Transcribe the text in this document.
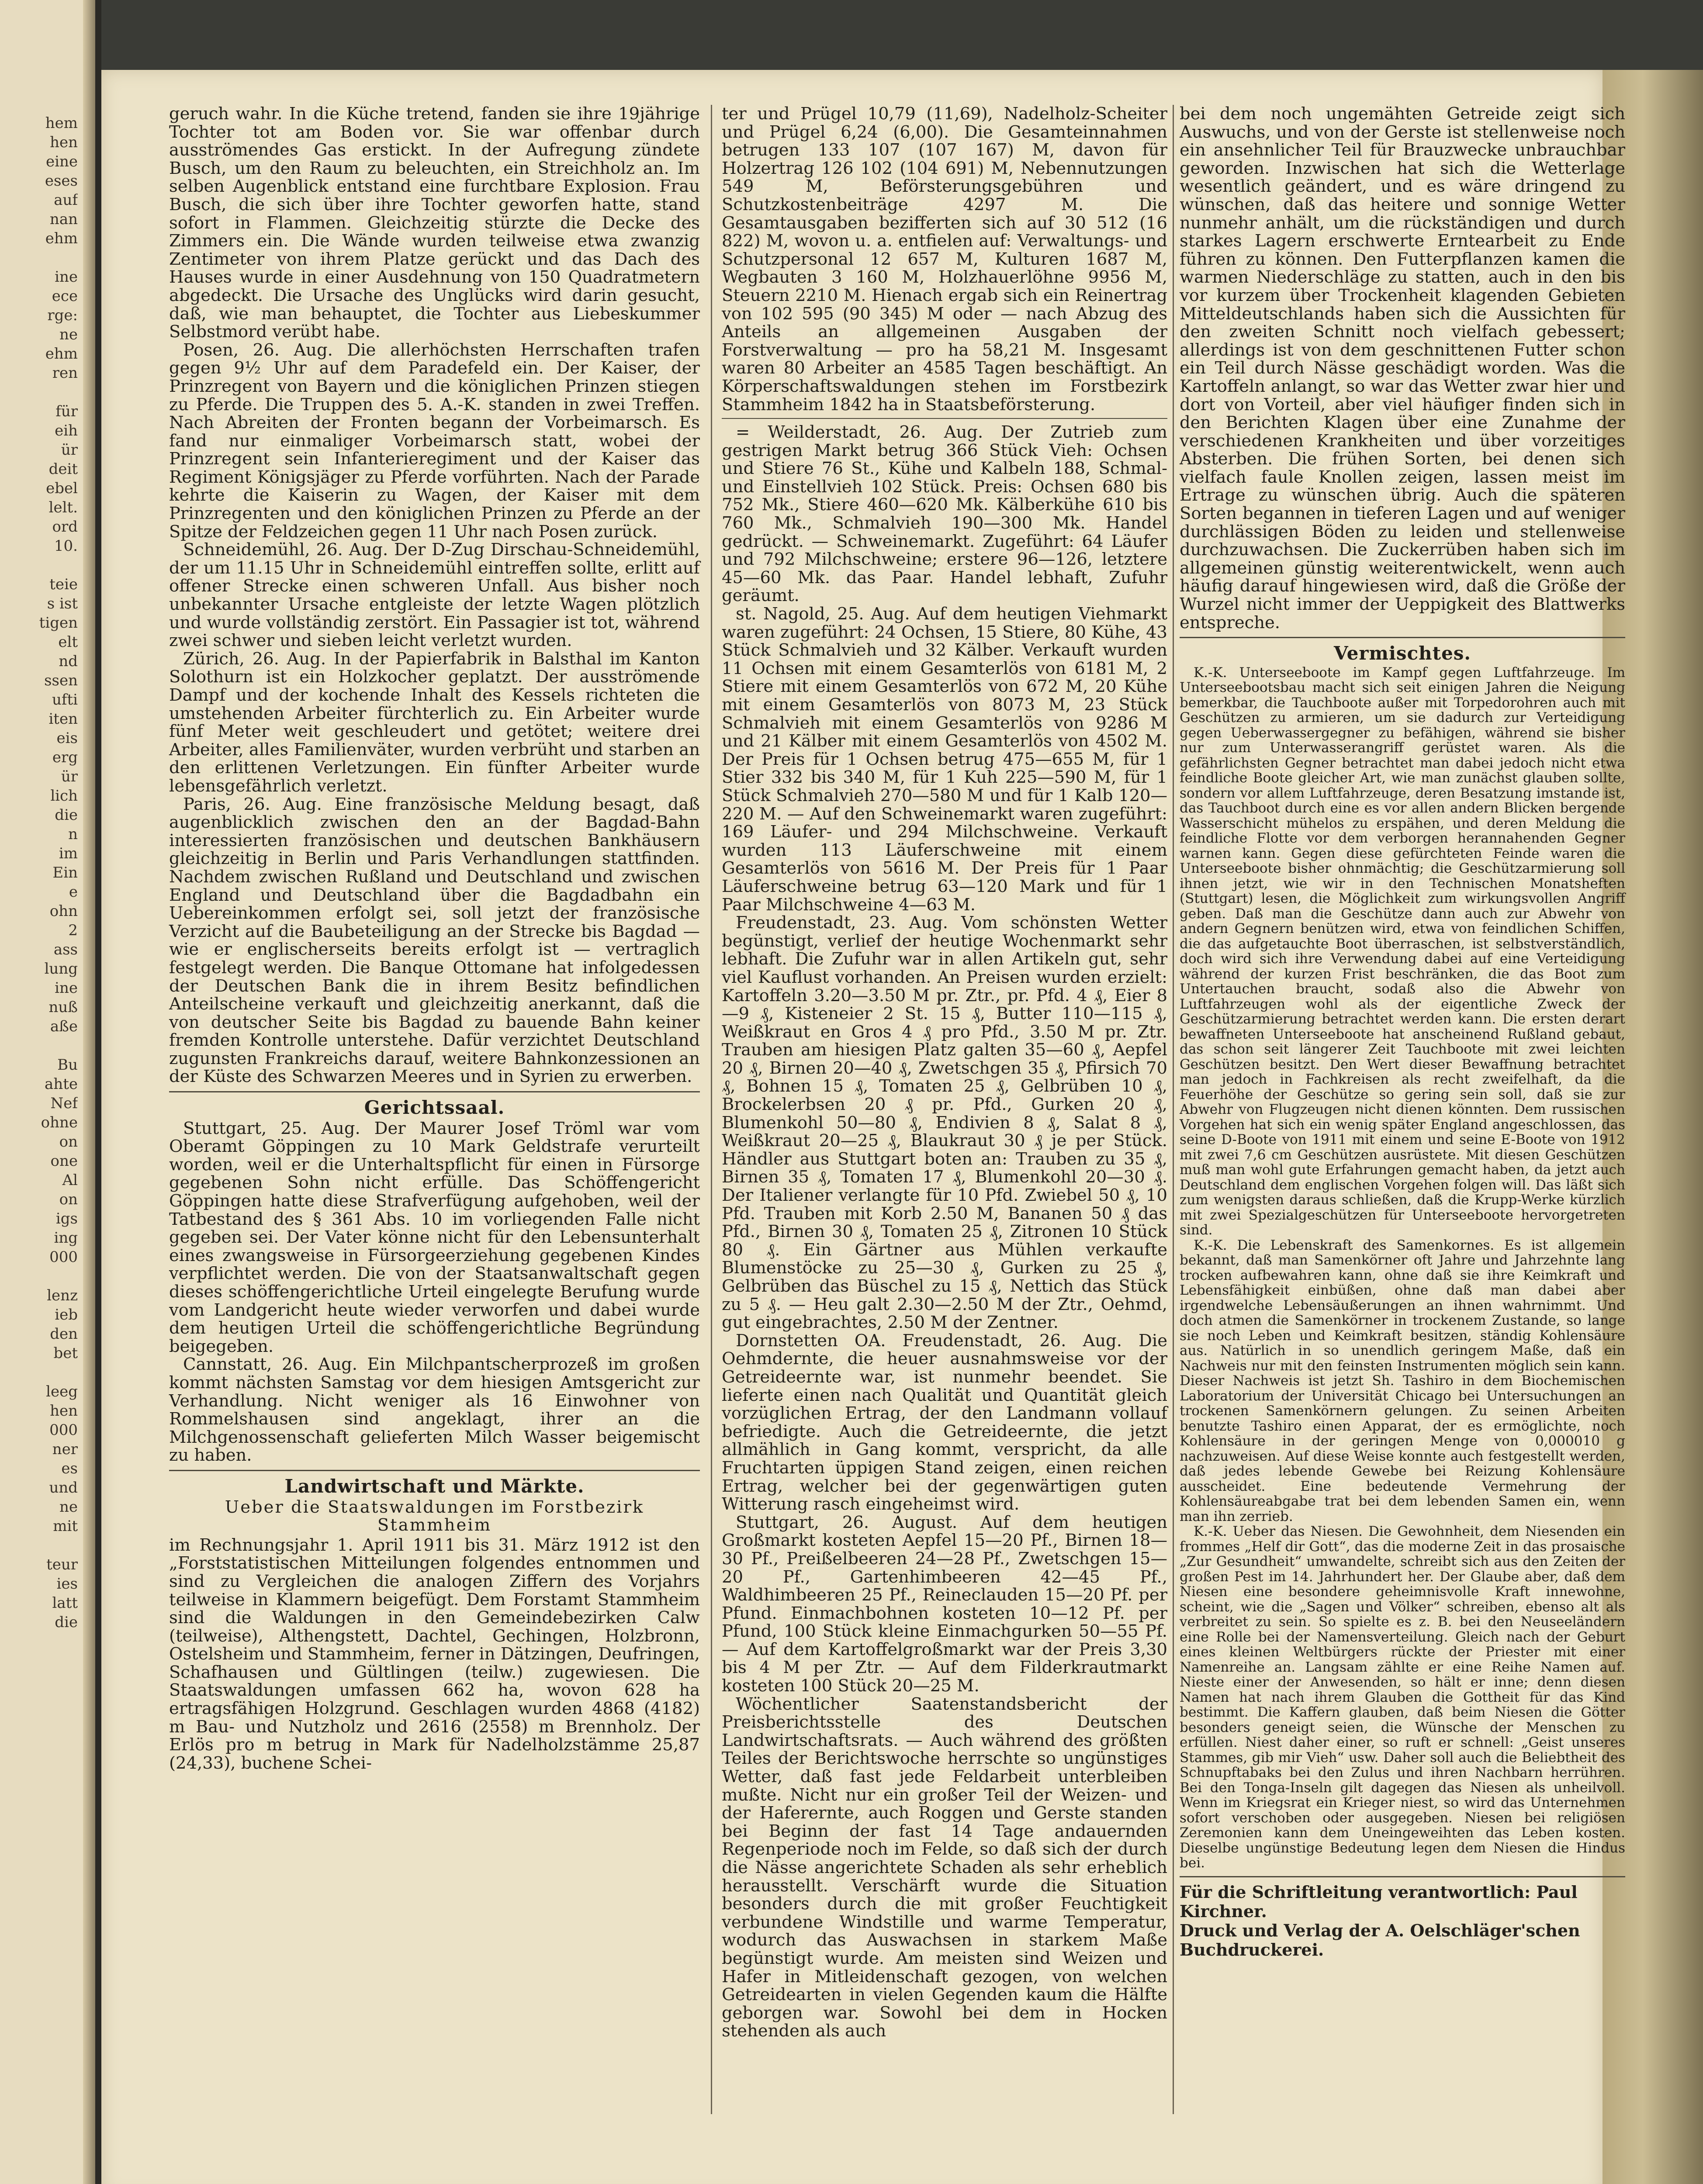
hem
hen
eine
eses
auf
nan
ehm
ine
ece
rge:
ne
ehm
ren
für
eih
ür
deit
ebel
lelt.
ord
10.
teie
s ist
tigen
elt
nd
ssen
ufti
iten
eis
erg
ür
lich
die
n
im
Ein
e
ohn
2
ass
lung
ine
nuß
aße
Bu
ahte
Nef
ohne
on
one
Al
on
igs
ing
000
lenz
ieb
den
bet
leeg
hen
000
ner
es
und
ne
mit
teur
ies
latt
die

geruch wahr. In die Küche tretend, fanden sie ihre 19jährige Tochter tot am Boden vor. Sie war offenbar durch ausströmendes Gas erstickt. In der Aufregung zündete Busch, um den Raum zu beleuchten, ein Streichholz an. Im selben Augenblick entstand eine furchtbare Explosion. Frau Busch, die sich über ihre Tochter geworfen hatte, stand sofort in Flammen. Gleichzeitig stürzte die Decke des Zimmers ein. Die Wände wurden teilweise etwa zwanzig Zentimeter von ihrem Platze gerückt und das Dach des Hauses wurde in einer Ausdehnung von 150 Quadratmetern abgedeckt. Die Ursache des Unglücks wird darin gesucht, daß, wie man behauptet, die Tochter aus Liebeskummer Selbstmord verübt habe.

Posen, 26. Aug. Die allerhöchsten Herrschaften trafen gegen 9½ Uhr auf dem Paradefeld ein. Der Kaiser, der Prinzregent von Bayern und die königlichen Prinzen stiegen zu Pferde. Die Truppen des 5. A.-K. standen in zwei Treffen. Nach Abreiten der Fronten begann der Vorbeimarsch. Es fand nur einmaliger Vorbeimarsch statt, wobei der Prinzregent sein Infanterieregiment und der Kaiser das Regiment Königsjäger zu Pferde vorführten. Nach der Parade kehrte die Kaiserin zu Wagen, der Kaiser mit dem Prinzregenten und den königlichen Prinzen zu Pferde an der Spitze der Feldzeichen gegen 11 Uhr nach Posen zurück.

Schneidemühl, 26. Aug. Der D-Zug Dirschau-Schneidemühl, der um 11.15 Uhr in Schneidemühl eintreffen sollte, erlitt auf offener Strecke einen schweren Unfall. Aus bisher noch unbekannter Ursache entgleiste der letzte Wagen plötzlich und wurde vollständig zerstört. Ein Passagier ist tot, während zwei schwer und sieben leicht verletzt wurden.

Zürich, 26. Aug. In der Papierfabrik in Balsthal im Kanton Solothurn ist ein Holzkocher geplatzt. Der ausströmende Dampf und der kochende Inhalt des Kessels richteten die umstehenden Arbeiter fürchterlich zu. Ein Arbeiter wurde fünf Meter weit geschleudert und getötet; weitere drei Arbeiter, alles Familienväter, wurden verbrüht und starben an den erlittenen Verletzungen. Ein fünfter Arbeiter wurde lebensgefährlich verletzt.

Paris, 26. Aug. Eine französische Meldung besagt, daß augenblicklich zwischen den an der Bagdad-Bahn interessierten französischen und deutschen Bankhäusern gleichzeitig in Berlin und Paris Verhandlungen stattfinden. Nachdem zwischen Rußland und Deutschland und zwischen England und Deutschland über die Bagdadbahn ein Uebereinkommen erfolgt sei, soll jetzt der französische Verzicht auf die Baubeteiligung an der Strecke bis Bagdad — wie er englischerseits bereits erfolgt ist — vertraglich festgelegt werden. Die Banque Ottomane hat infolgedessen der Deutschen Bank die in ihrem Besitz befindlichen Anteilscheine verkauft und gleichzeitig anerkannt, daß die von deutscher Seite bis Bagdad zu bauende Bahn keiner fremden Kontrolle unterstehe. Dafür verzichtet Deutschland zugunsten Frankreichs darauf, weitere Bahnkonzessionen an der Küste des Schwarzen Meeres und in Syrien zu erwerben.

Gerichtssaal.

Stuttgart, 25. Aug. Der Maurer Josef Tröml war vom Oberamt Göppingen zu 10 Mark Geldstrafe verurteilt worden, weil er die Unterhaltspflicht für einen in Fürsorge gegebenen Sohn nicht erfülle. Das Schöffengericht Göppingen hatte diese Strafverfügung aufgehoben, weil der Tatbestand des § 361 Abs. 10 im vorliegenden Falle nicht gegeben sei. Der Vater könne nicht für den Lebensunterhalt eines zwangsweise in Fürsorgeerziehung gegebenen Kindes verpflichtet werden. Die von der Staatsanwaltschaft gegen dieses schöffengerichtliche Urteil eingelegte Berufung wurde vom Landgericht heute wieder verworfen und dabei wurde dem heutigen Urteil die schöffengerichtliche Begründung beigegeben.

Cannstatt, 26. Aug. Ein Milchpantscherprozeß im großen kommt nächsten Samstag vor dem hiesigen Amtsgericht zur Verhandlung. Nicht weniger als 16 Einwohner von Rommelshausen sind angeklagt, ihrer an die Milchgenossenschaft gelieferten Milch Wasser beigemischt zu haben.

Landwirtschaft und Märkte.
Ueber die Staatswaldungen im Forstbezirk Stammheim

im Rechnungsjahr 1. April 1911 bis 31. März 1912 ist den „Forststatistischen Mitteilungen folgendes entnommen und sind zu Vergleichen die analogen Ziffern des Vorjahrs teilweise in Klammern beigefügt. Dem Forstamt Stammheim sind die Waldungen in den Gemeindebezirken Calw (teilweise), Althengstett, Dachtel, Gechingen, Holzbronn, Ostelsheim und Stammheim, ferner in Dätzingen, Deufringen, Schafhausen und Gültlingen (teilw.) zugewiesen. Die Staatswaldungen umfassen 662 ha, wovon 628 ha ertragsfähigen Holzgrund. Geschlagen wurden 4868 (4182) m Bau- und Nutzholz und 2616 (2558) m Brennholz. Der Erlös pro m betrug in Mark für Nadelholzstämme 25,87 (24,33), buchene Schei-

ter und Prügel 10,79 (11,69), Nadelholz-Scheiter und Prügel 6,24 (6,00). Die Gesamteinnahmen betrugen 133 107 (107 167) M, davon für Holzertrag 126 102 (104 691) M, Nebennutzungen 549 M, Beförsterungsgebühren und Schutzkostenbeiträge 4297 M. Die Gesamtausgaben bezifferten sich auf 30 512 (16 822) M, wovon u. a. entfielen auf: Verwaltungs- und Schutzpersonal 12 657 M, Kulturen 1687 M, Wegbauten 3 160 M, Holzhauerlöhne 9956 M, Steuern 2210 M. Hienach ergab sich ein Reinertrag von 102 595 (90 345) M oder — nach Abzug des Anteils an allgemeinen Ausgaben der Forstverwaltung — pro ha 58,21 M. Insgesamt waren 80 Arbeiter an 4585 Tagen beschäftigt. An Körperschaftswaldungen stehen im Forstbezirk Stammheim 1842 ha in Staatsbeförsterung.

= Weilderstadt, 26. Aug. Der Zutrieb zum gestrigen Markt betrug 366 Stück Vieh: Ochsen und Stiere 76 St., Kühe und Kalbeln 188, Schmal- und Einstellvieh 102 Stück. Preis: Ochsen 680 bis 752 Mk., Stiere 460—620 Mk. Kälberkühe 610 bis 760 Mk., Schmalvieh 190—300 Mk. Handel gedrückt. — Schweinemarkt. Zugeführt: 64 Läufer und 792 Milchschweine; erstere 96—126, letztere 45—60 Mk. das Paar. Handel lebhaft, Zufuhr geräumt.

st. Nagold, 25. Aug. Auf dem heutigen Viehmarkt waren zugeführt: 24 Ochsen, 15 Stiere, 80 Kühe, 43 Stück Schmalvieh und 32 Kälber. Verkauft wurden 11 Ochsen mit einem Gesamterlös von 6181 M, 2 Stiere mit einem Gesamterlös von 672 M, 20 Kühe mit einem Gesamterlös von 8073 M, 23 Stück Schmalvieh mit einem Gesamterlös von 9286 M und 21 Kälber mit einem Gesamterlös von 4502 M. Der Preis für 1 Ochsen betrug 475—655 M, für 1 Stier 332 bis 340 M, für 1 Kuh 225—590 M, für 1 Stück Schmalvieh 270—580 M und für 1 Kalb 120—220 M. — Auf den Schweinemarkt waren zugeführt: 169 Läufer- und 294 Milchschweine. Verkauft wurden 113 Läuferschweine mit einem Gesamterlös von 5616 M. Der Preis für 1 Paar Läuferschweine betrug 63—120 Mark und für 1 Paar Milchschweine 4—63 M.

Freudenstadt, 23. Aug. Vom schönsten Wetter begünstigt, verlief der heutige Wochenmarkt sehr lebhaft. Die Zufuhr war in allen Artikeln gut, sehr viel Kauflust vorhanden. An Preisen wurden erzielt: Kartoffeln 3.20—3.50 M pr. Ztr., pr. Pfd. 4 ₰, Eier 8—9 ₰, Kisteneier 2 St. 15 ₰, Butter 110—115 ₰, Weißkraut en Gros 4 ₰ pro Pfd., 3.50 M pr. Ztr. Trauben am hiesigen Platz galten 35—60 ₰, Aepfel 20 ₰, Birnen 20—40 ₰, Zwetschgen 35 ₰, Pfirsich 70 ₰, Bohnen 15 ₰, Tomaten 25 ₰, Gelbrüben 10 ₰, Brockelerbsen 20 ₰ pr. Pfd., Gurken 20 ₰, Blumenkohl 50—80 ₰, Endivien 8 ₰, Salat 8 ₰, Weißkraut 20—25 ₰, Blaukraut 30 ₰ je per Stück. Händler aus Stuttgart boten an: Trauben zu 35 ₰, Birnen 35 ₰, Tomaten 17 ₰, Blumenkohl 20—30 ₰. Der Italiener verlangte für 10 Pfd. Zwiebel 50 ₰, 10 Pfd. Trauben mit Korb 2.50 M, Bananen 50 ₰ das Pfd., Birnen 30 ₰, Tomaten 25 ₰, Zitronen 10 Stück 80 ₰. Ein Gärtner aus Mühlen verkaufte Blumenstöcke zu 25—30 ₰, Gurken zu 25 ₰, Gelbrüben das Büschel zu 15 ₰, Nettich das Stück zu 5 ₰. — Heu galt 2.30—2.50 M der Ztr., Oehmd, gut eingebrachtes, 2.50 M der Zentner.

Dornstetten OA. Freudenstadt, 26. Aug. Die Oehmdernte, die heuer ausnahmsweise vor der Getreideernte war, ist nunmehr beendet. Sie lieferte einen nach Qualität und Quantität gleich vorzüglichen Ertrag, der den Landmann vollauf befriedigte. Auch die Getreideernte, die jetzt allmählich in Gang kommt, verspricht, da alle Fruchtarten üppigen Stand zeigen, einen reichen Ertrag, welcher bei der gegenwärtigen guten Witterung rasch eingeheimst wird.

Stuttgart, 26. August. Auf dem heutigen Großmarkt kosteten Aepfel 15—20 Pf., Birnen 18—30 Pf., Preißelbeeren 24—28 Pf., Zwetschgen 15—20 Pf., Gartenhimbeeren 42—45 Pf., Waldhimbeeren 25 Pf., Reineclauden 15—20 Pf. per Pfund. Einmachbohnen kosteten 10—12 Pf. per Pfund, 100 Stück kleine Einmachgurken 50—55 Pf. — Auf dem Kartoffelgroßmarkt war der Preis 3,30 bis 4 M per Ztr. — Auf dem Filderkrautmarkt kosteten 100 Stück 20—25 M.

Wöchentlicher Saatenstandsbericht der Preisberichtsstelle des Deutschen Landwirtschaftsrats. — Auch während des größten Teiles der Berichtswoche herrschte so ungünstiges Wetter, daß fast jede Feldarbeit unterbleiben mußte. Nicht nur ein großer Teil der Weizen- und der Haferernte, auch Roggen und Gerste standen bei Beginn der fast 14 Tage andauernden Regenperiode noch im Felde, so daß sich der durch die Nässe angerichtete Schaden als sehr erheblich herausstellt. Verschärft wurde die Situation besonders durch die mit großer Feuchtigkeit verbundene Windstille und warme Temperatur, wodurch das Auswachsen in starkem Maße begünstigt wurde. Am meisten sind Weizen und Hafer in Mitleidenschaft gezogen, von welchen Getreidearten in vielen Gegenden kaum die Hälfte geborgen war. Sowohl bei dem in Hocken stehenden als auch

bei dem noch ungemähten Getreide zeigt sich Auswuchs, und von der Gerste ist stellenweise noch ein ansehnlicher Teil für Brauzwecke unbrauchbar geworden. Inzwischen hat sich die Wetterlage wesentlich geändert, und es wäre dringend zu wünschen, daß das heitere und sonnige Wetter nunmehr anhält, um die rückständigen und durch starkes Lagern erschwerte Erntearbeit zu Ende führen zu können. Den Futterpflanzen kamen die warmen Niederschläge zu statten, auch in den bis vor kurzem über Trockenheit klagenden Gebieten Mitteldeutschlands haben sich die Aussichten für den zweiten Schnitt noch vielfach gebessert; allerdings ist von dem geschnittenen Futter schon ein Teil durch Nässe geschädigt worden. Was die Kartoffeln anlangt, so war das Wetter zwar hier und dort von Vorteil, aber viel häufiger finden sich in den Berichten Klagen über eine Zunahme der verschiedenen Krankheiten und über vorzeitiges Absterben. Die frühen Sorten, bei denen sich vielfach faule Knollen zeigen, lassen meist im Ertrage zu wünschen übrig. Auch die späteren Sorten begannen in tieferen Lagen und auf weniger durchlässigen Böden zu leiden und stellenweise durchzuwachsen. Die Zuckerrüben haben sich im allgemeinen günstig weiterentwickelt, wenn auch häufig darauf hingewiesen wird, daß die Größe der Wurzel nicht immer der Ueppigkeit des Blattwerks entspreche.

Vermischtes.

K.-K. Unterseeboote im Kampf gegen Luftfahrzeuge. Im Unterseebootsbau macht sich seit einigen Jahren die Neigung bemerkbar, die Tauchboote außer mit Torpedorohren auch mit Geschützen zu armieren, um sie dadurch zur Verteidigung gegen Ueberwassergegner zu befähigen, während sie bisher nur zum Unterwasserangriff gerüstet waren. Als die gefährlichsten Gegner betrachtet man dabei jedoch nicht etwa feindliche Boote gleicher Art, wie man zunächst glauben sollte, sondern vor allem Luftfahrzeuge, deren Besatzung imstande ist, das Tauchboot durch eine es vor allen andern Blicken bergende Wasserschicht mühelos zu erspähen, und deren Meldung die feindliche Flotte vor dem verborgen herannahenden Gegner warnen kann. Gegen diese gefürchteten Feinde waren die Unterseeboote bisher ohnmächtig; die Geschützarmierung soll ihnen jetzt, wie wir in den Technischen Monatsheften (Stuttgart) lesen, die Möglichkeit zum wirkungsvollen Angriff geben. Daß man die Geschütze dann auch zur Abwehr von andern Gegnern benützen wird, etwa von feindlichen Schiffen, die das aufgetauchte Boot überraschen, ist selbstverständlich, doch wird sich ihre Verwendung dabei auf eine Verteidigung während der kurzen Frist beschränken, die das Boot zum Untertauchen braucht, sodaß also die Abwehr von Luftfahrzeugen wohl als der eigentliche Zweck der Geschützarmierung betrachtet werden kann. Die ersten derart bewaffneten Unterseeboote hat anscheinend Rußland gebaut, das schon seit längerer Zeit Tauchboote mit zwei leichten Geschützen besitzt. Den Wert dieser Bewaffnung betrachtet man jedoch in Fachkreisen als recht zweifelhaft, da die Feuerhöhe der Geschütze so gering sein soll, daß sie zur Abwehr von Flugzeugen nicht dienen könnten. Dem russischen Vorgehen hat sich ein wenig später England angeschlossen, das seine D-Boote von 1911 mit einem und seine E-Boote von 1912 mit zwei 7,6 cm Geschützen ausrüstete. Mit diesen Geschützen muß man wohl gute Erfahrungen gemacht haben, da jetzt auch Deutschland dem englischen Vorgehen folgen will. Das läßt sich zum wenigsten daraus schließen, daß die Krupp-Werke kürzlich mit zwei Spezialgeschützen für Unterseeboote hervorgetreten sind.

K.-K. Die Lebenskraft des Samenkornes. Es ist allgemein bekannt, daß man Samenkörner oft Jahre und Jahrzehnte lang trocken aufbewahren kann, ohne daß sie ihre Keimkraft und Lebensfähigkeit einbüßen, ohne daß man dabei aber irgendwelche Lebensäußerungen an ihnen wahrnimmt. Und doch atmen die Samenkörner in trockenem Zustande, so lange sie noch Leben und Keimkraft besitzen, ständig Kohlensäure aus. Natürlich in so unendlich geringem Maße, daß ein Nachweis nur mit den feinsten Instrumenten möglich sein kann. Dieser Nachweis ist jetzt Sh. Tashiro in dem Biochemischen Laboratorium der Universität Chicago bei Untersuchungen an trockenen Samenkörnern gelungen. Zu seinen Arbeiten benutzte Tashiro einen Apparat, der es ermöglichte, noch Kohlensäure in der geringen Menge von 0,000010 g nachzuweisen. Auf diese Weise konnte auch festgestellt werden, daß jedes lebende Gewebe bei Reizung Kohlensäure ausscheidet. Eine bedeutende Vermehrung der Kohlensäureabgabe trat bei dem lebenden Samen ein, wenn man ihn zerrieb.

K.-K. Ueber das Niesen. Die Gewohnheit, dem Niesenden ein frommes „Helf dir Gott“, das die moderne Zeit in das prosaische „Zur Gesundheit“ umwandelte, schreibt sich aus den Zeiten der großen Pest im 14. Jahrhundert her. Der Glaube aber, daß dem Niesen eine besondere geheimnisvolle Kraft innewohne, scheint, wie die „Sagen und Völker“ schreiben, ebenso alt als verbreitet zu sein. So spielte es z. B. bei den Neuseeländern eine Rolle bei der Namensverteilung. Gleich nach der Geburt eines kleinen Weltbürgers rückte der Priester mit einer Namenreihe an. Langsam zählte er eine Reihe Namen auf. Nieste einer der Anwesenden, so hält er inne; denn diesen Namen hat nach ihrem Glauben die Gottheit für das Kind bestimmt. Die Kaffern glauben, daß beim Niesen die Götter besonders geneigt seien, die Wünsche der Menschen zu erfüllen. Niest daher einer, so ruft er schnell: „Geist unseres Stammes, gib mir Vieh“ usw. Daher soll auch die Beliebtheit des Schnupftabaks bei den Zulus und ihren Nachbarn herrühren. Bei den Tonga-Inseln gilt dagegen das Niesen als unheilvoll. Wenn im Kriegsrat ein Krieger niest, so wird das Unternehmen sofort verschoben oder ausgegeben. Niesen bei religiösen Zeremonien kann dem Uneingeweihten das Leben kosten. Dieselbe ungünstige Bedeutung legen dem Niesen die Hindus bei.

Für die Schriftleitung verantwortlich: Paul Kirchner.
Druck und Verlag der A. Oelschläger'schen Buchdruckerei.
